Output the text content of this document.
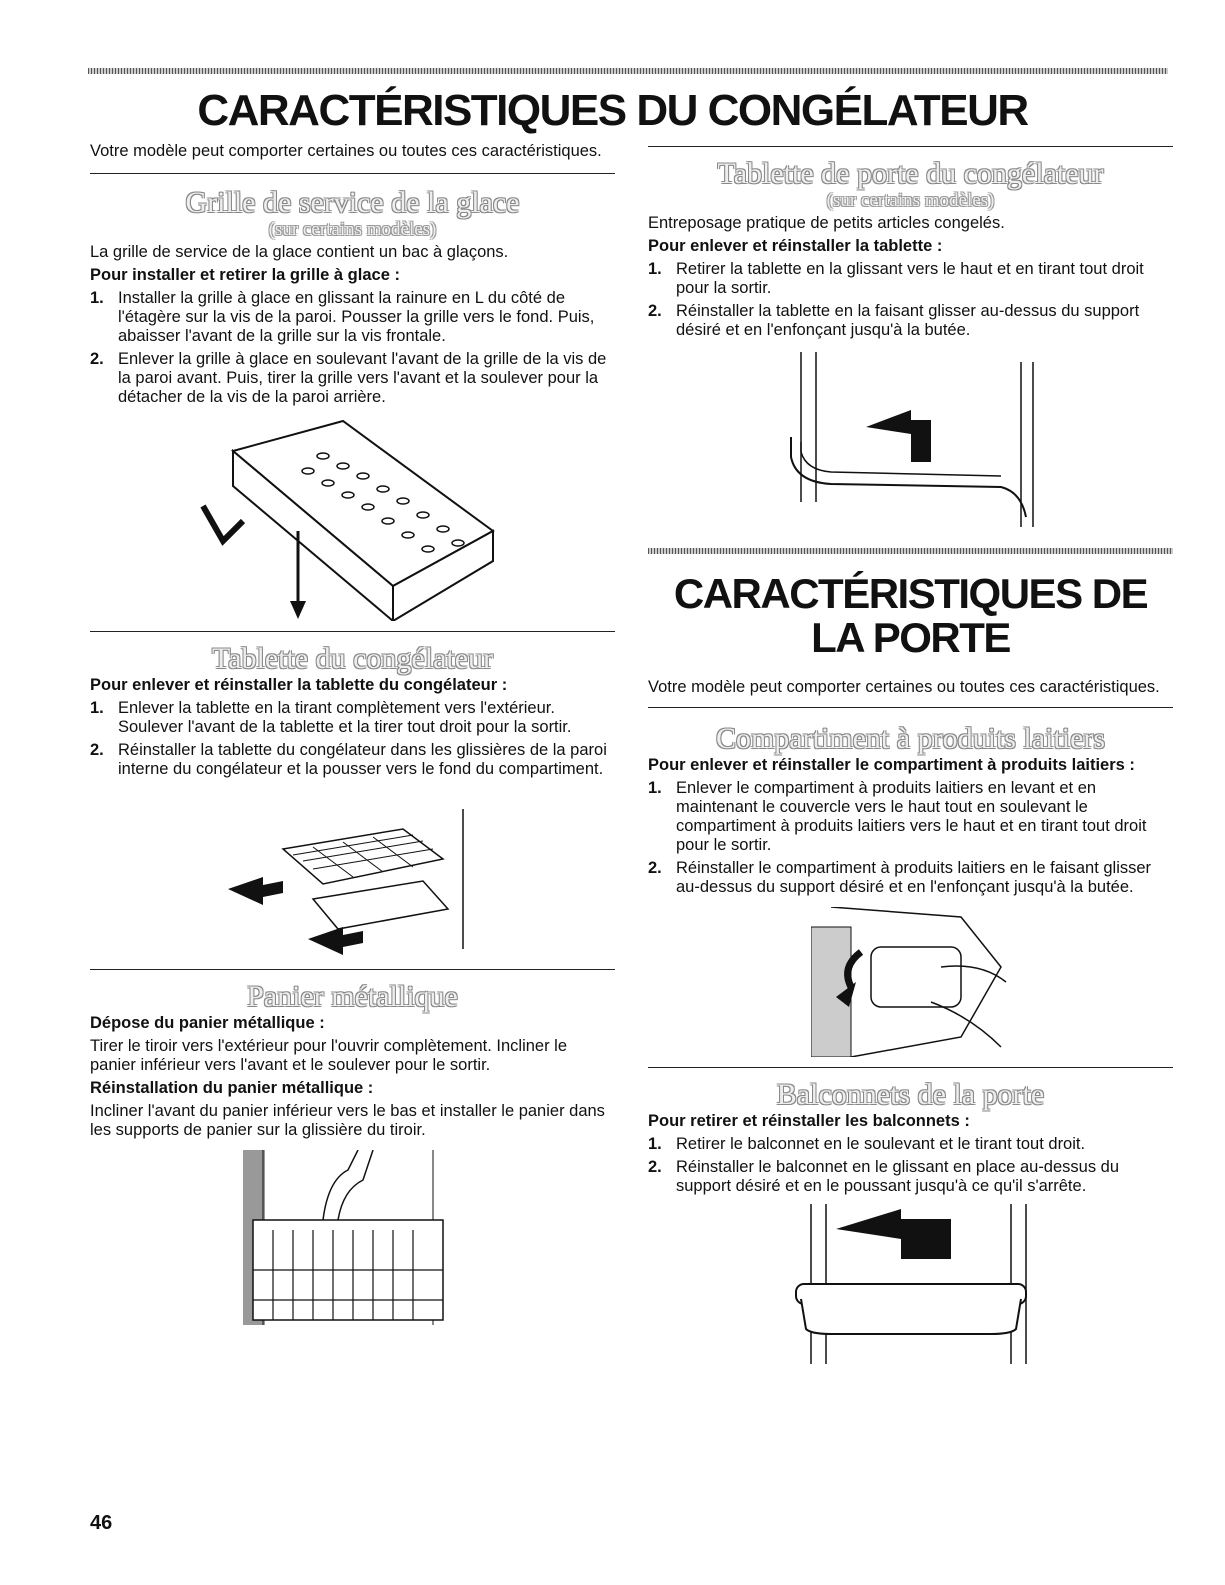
CARACTÉRISTIQUES DU CONGÉLATEUR

Votre modèle peut comporter certaines ou toutes ces caractéristiques.

Grille de service de la glace
(sur certains modèles)

La grille de service de la glace contient un bac à glaçons.

Pour installer et retirer la grille à glace :

1. Installer la grille à glace en glissant la rainure en L du côté de l'étagère sur la vis de la paroi. Pousser la grille vers le fond. Puis, abaisser l'avant de la grille sur la vis frontale.
2. Enlever la grille à glace en soulevant l'avant de la grille de la vis de la paroi avant. Puis, tirer la grille vers l'avant et la soulever pour la détacher de la vis de la paroi arrière.
Tablette du congélateur

Pour enlever et réinstaller la tablette du congélateur :

1. Enlever la tablette en la tirant complètement vers l'extérieur. Soulever l'avant de la tablette et la tirer tout droit pour la sortir.
2. Réinstaller la tablette du congélateur dans les glissières de la paroi interne du congélateur et la pousser vers le fond du compartiment.
Panier métallique

Dépose du panier métallique :

Tirer le tiroir vers l'extérieur pour l'ouvrir complètement. Incliner le panier inférieur vers l'avant et le soulever pour le sortir.

Réinstallation du panier métallique :

Incliner l'avant du panier inférieur vers le bas et installer le panier dans les supports de panier sur la glissière du tiroir.

Tablette de porte du congélateur
(sur certains modèles)

Entreposage pratique de petits articles congelés.

Pour enlever et réinstaller la tablette :

1. Retirer la tablette en la glissant vers le haut et en tirant tout droit pour la sortir.
2. Réinstaller la tablette en la faisant glisser au-dessus du support désiré et en l'enfonçant jusqu'à la butée.
CARACTÉRISTIQUES DE
LA PORTE

Votre modèle peut comporter certaines ou toutes ces caractéristiques.

Compartiment à produits laitiers

Pour enlever et réinstaller le compartiment à produits laitiers :

1. Enlever le compartiment à produits laitiers en levant et en maintenant le couvercle vers le haut tout en soulevant le compartiment à produits laitiers vers le haut et en tirant tout droit pour le sortir.
2. Réinstaller le compartiment à produits laitiers en le faisant glisser au-dessus du support désiré et en l'enfonçant jusqu'à la butée.
Balconnets de la porte

Pour retirer et réinstaller les balconnets :

1. Retirer le balconnet en le soulevant et le tirant tout droit.
2. Réinstaller le balconnet en le glissant en place au-dessus du support désiré et en le poussant jusqu'à ce qu'il s'arrête.
46
